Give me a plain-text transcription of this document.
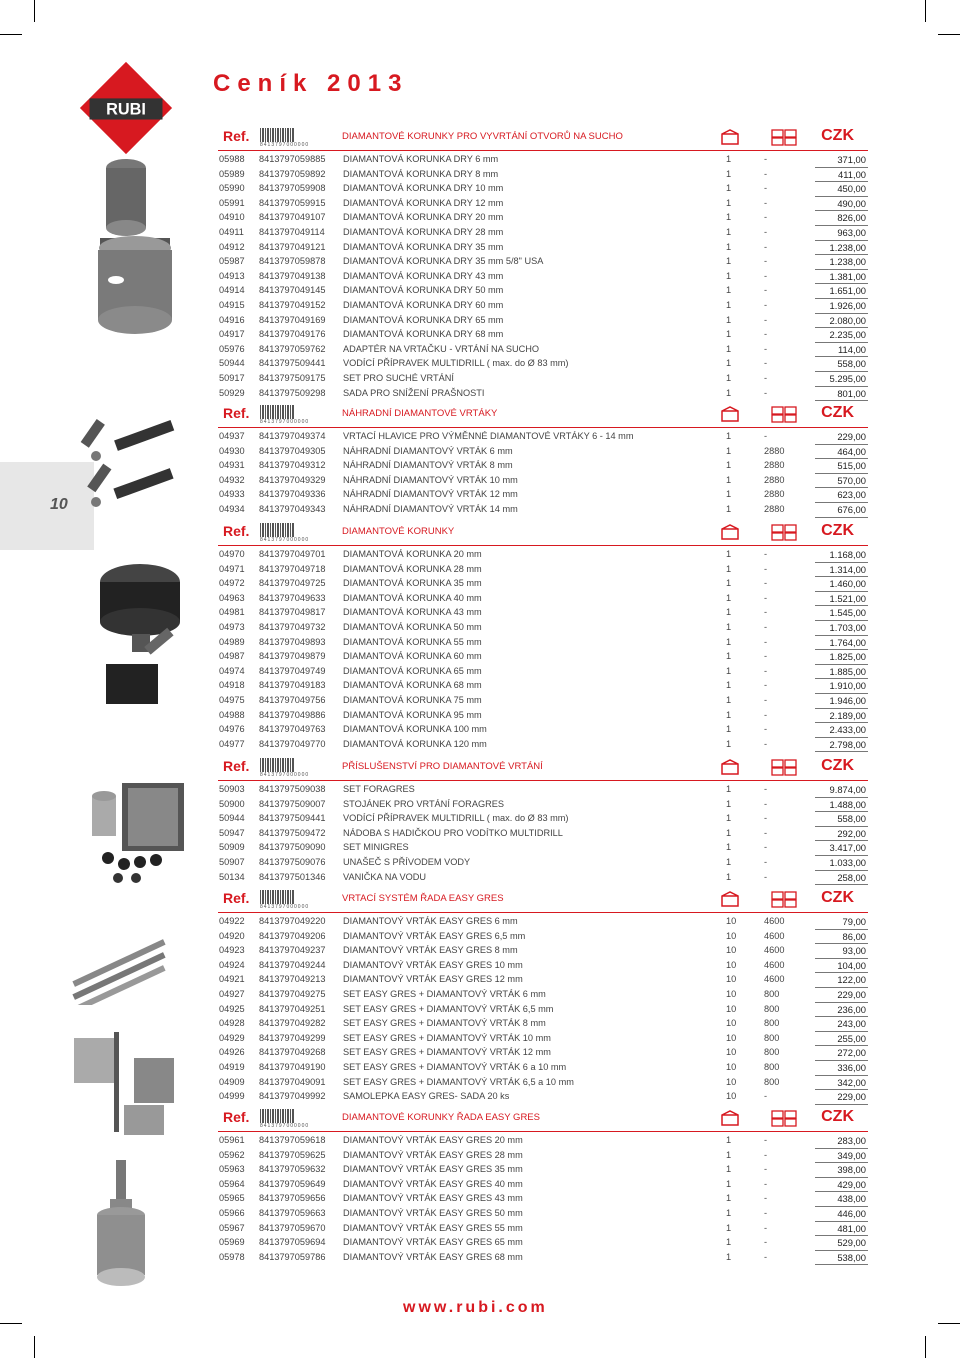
RUBI
Ceník 2013
10
Ref.
8413797000000
DIAMANTOVÉ KORUNKY PRO VYVRTÁNÍ OTVORŮ NA SUCHO	CZK
05988 8413797059885 DIAMANTOVÁ KORUNKA DRY 6 mm	1	-	371,00
05989 8413797059892 DIAMANTOVÁ KORUNKA DRY 8 mm	1	-	411,00
05990 8413797059908 DIAMANTOVÁ KORUNKA DRY 10 mm	1	-	450,00
05991 8413797059915 DIAMANTOVÁ KORUNKA DRY 12 mm	1	-	490,00
04910 8413797049107 DIAMANTOVÁ KORUNKA DRY 20 mm	1	-	826,00
04911 8413797049114 DIAMANTOVÁ KORUNKA DRY 28 mm	1	-	963,00
04912 8413797049121 DIAMANTOVÁ KORUNKA DRY 35 mm	1	-	1.238,00
05987 8413797059878 DIAMANTOVÁ KORUNKA DRY 35 mm 5/8" USA	1	-	1.238,00
04913 8413797049138 DIAMANTOVÁ KORUNKA DRY 43 mm	1	-	1.381,00
04914 8413797049145 DIAMANTOVÁ KORUNKA DRY 50 mm	1	-	1.651,00
04915 8413797049152 DIAMANTOVÁ KORUNKA DRY 60 mm	1	-	1.926,00
04916 8413797049169 DIAMANTOVÁ KORUNKA DRY 65 mm	1	-	2.080,00
04917 8413797049176 DIAMANTOVÁ KORUNKA DRY 68 mm	1	-	2.235,00
05976 8413797059762 ADAPTÉR NA VRTAČKU - VRTÁNÍ NA SUCHO	1	-	114,00
50944 8413797509441 VODÍCÍ PŘÍPRAVEK MULTIDRILL ( max. do Ø 83 mm)	1	-	558,00
50917 8413797509175 SET PRO SUCHÉ VRTÁNÍ	1	-	5.295,00
50929 8413797509298 SADA PRO SNÍŽENÍ PRAŠNOSTI	1	-	801,00
Ref.
8413797000000
NÁHRADNÍ DIAMANTOVÉ VRTÁKY	CZK
04937 8413797049374 VRTACÍ HLAVICE PRO VÝMĚNNÉ DIAMANTOVÉ VRTÁKY 6 - 14 mm	1	-	229,00
04930 8413797049305 NÁHRADNÍ DIAMANTOVÝ VRTÁK 6 mm	1	2880	464,00
04931 8413797049312 NÁHRADNÍ DIAMANTOVÝ VRTÁK 8 mm	1	2880	515,00
04932 8413797049329 NÁHRADNÍ DIAMANTOVÝ VRTÁK 10 mm	1	2880	570,00
04933 8413797049336 NÁHRADNÍ DIAMANTOVÝ VRTÁK 12 mm	1	2880	623,00
04934 8413797049343 NÁHRADNÍ DIAMANTOVÝ VRTÁK 14 mm	1	2880	676,00
Ref.
8413797000000
DIAMANTOVÉ KORUNKY	CZK
04970 8413797049701 DIAMANTOVÁ KORUNKA 20 mm	1	-	1.168,00
04971 8413797049718 DIAMANTOVÁ KORUNKA 28 mm	1	-	1.314,00
04972 8413797049725 DIAMANTOVÁ KORUNKA 35 mm	1	-	1.460,00
04963 8413797049633 DIAMANTOVÁ KORUNKA 40 mm	1	-	1.521,00
04981 8413797049817 DIAMANTOVÁ KORUNKA 43 mm	1	-	1.545,00
04973 8413797049732 DIAMANTOVÁ KORUNKA 50 mm	1	-	1.703,00
04989 8413797049893 DIAMANTOVÁ KORUNKA 55 mm	1	-	1.764,00
04987 8413797049879 DIAMANTOVÁ KORUNKA 60 mm	1	-	1.825,00
04974 8413797049749 DIAMANTOVÁ KORUNKA 65 mm	1	-	1.885,00
04918 8413797049183 DIAMANTOVÁ KORUNKA 68 mm	1	-	1.910,00
04975 8413797049756 DIAMANTOVÁ KORUNKA 75 mm	1	-	1.946,00
04988 8413797049886 DIAMANTOVÁ KORUNKA 95 mm	1	-	2.189,00
04976 8413797049763 DIAMANTOVÁ KORUNKA 100 mm	1	-	2.433,00
04977 8413797049770 DIAMANTOVÁ KORUNKA 120 mm	1	-	2.798,00
Ref.
8413797000000
PŘÍSLUŠENSTVÍ PRO DIAMANTOVÉ VRTÁNÍ	CZK
50903 8413797509038 SET FORAGRES	1	-	9.874,00
50900 8413797509007 STOJÁNEK PRO VRTÁNÍ FORAGRES	1	-	1.488,00
50944 8413797509441 VODÍCÍ PŘÍPRAVEK MULTIDRILL ( max. do Ø 83 mm)	1	-	558,00
50947 8413797509472 NÁDOBA S HADIČKOU PRO VODÍTKO MULTIDRILL	1	-	292,00
50909 8413797509090 SET MINIGRES	1	-	3.417,00
50907 8413797509076 UNAŠEČ S PŘÍVODEM VODY	1	-	1.033,00
50134 8413797501346 VANIČKA NA VODU	1	-	258,00
Ref.
8413797000000
VRTACÍ SYSTÉM ŘADA EASY GRES	CZK
04922 8413797049220 DIAMANTOVÝ VRTÁK EASY GRES 6 mm	10	4600	79,00
04920 8413797049206 DIAMANTOVÝ VRTÁK EASY GRES 6,5 mm	10	4600	86,00
04923 8413797049237 DIAMANTOVÝ VRTÁK EASY GRES 8 mm	10	4600	93,00
04924 8413797049244 DIAMANTOVÝ VRTÁK EASY GRES 10 mm	10	4600	104,00
04921 8413797049213 DIAMANTOVÝ VRTÁK EASY GRES 12 mm	10	4600	122,00
04927 8413797049275 SET EASY GRES + DIAMANTOVÝ VRTÁK 6 mm	10	800	229,00
04925 8413797049251 SET EASY GRES + DIAMANTOVÝ VRTÁK 6,5 mm	10	800	236,00
04928 8413797049282 SET EASY GRES + DIAMANTOVÝ VRTÁK 8 mm	10	800	243,00
04929 8413797049299 SET EASY GRES + DIAMANTOVÝ VRTÁK 10 mm	10	800	255,00
04926 8413797049268 SET EASY GRES + DIAMANTOVÝ VRTÁK 12 mm	10	800	272,00
04919 8413797049190 SET EASY GRES + DIAMANTOVÝ VRTÁK 6 a 10 mm	10	800	336,00
04909 8413797049091 SET EASY GRES + DIAMANTOVÝ VRTÁK 6,5 a 10 mm	10	800	342,00
04999 8413797049992 SAMOLEPKA EASY GRES- SADA 20 ks	10	-	229,00
Ref.
8413797000000
DIAMANTOVÉ KORUNKY ŘADA EASY GRES	CZK
05961 8413797059618 DIAMANTOVÝ VRTÁK EASY GRES 20 mm	1	-	283,00
05962 8413797059625 DIAMANTOVÝ VRTÁK EASY GRES 28 mm	1	-	349,00
05963 8413797059632 DIAMANTOVÝ VRTÁK EASY GRES 35 mm	1	-	398,00
05964 8413797059649 DIAMANTOVÝ VRTÁK EASY GRES 40 mm	1	-	429,00
05965 8413797059656 DIAMANTOVÝ VRTÁK EASY GRES 43 mm	1	-	438,00
05966 8413797059663 DIAMANTOVÝ VRTÁK EASY GRES 50 mm	1	-	446,00
05967 8413797059670 DIAMANTOVÝ VRTÁK EASY GRES 55 mm	1	-	481,00
05969 8413797059694 DIAMANTOVÝ VRTÁK EASY GRES 65 mm	1	-	529,00
05978 8413797059786 DIAMANTOVÝ VRTÁK EASY GRES 68 mm	1	-	538,00
www.rubi.com
